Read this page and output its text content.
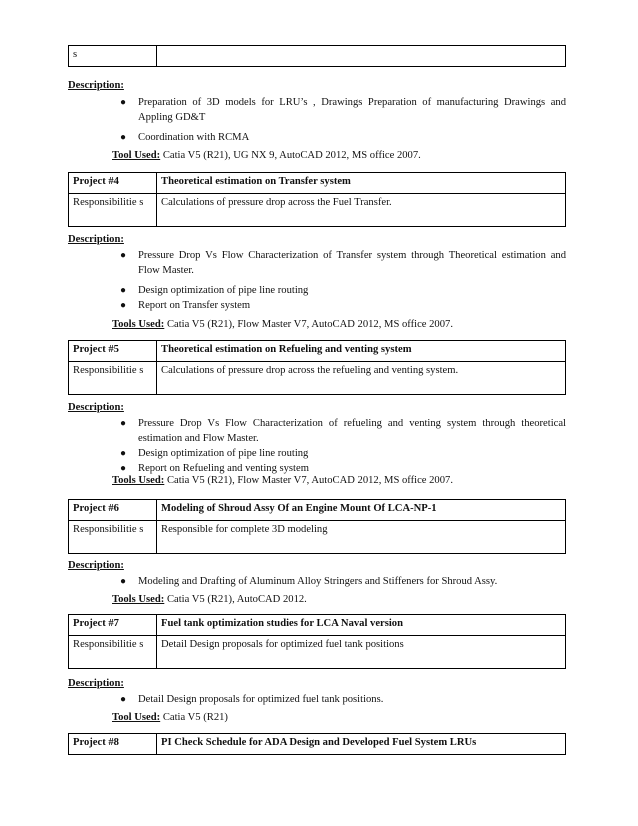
s	
Description:
● Preparation of 3D models for LRU’s , Drawings Preparation of manufacturing Drawings and Appling GD&T
● Coordination with RCMA
Tool Used: Catia V5 (R21), UG NX 9, AutoCAD 2012, MS office 2007.
Project #4	Theoretical estimation on Transfer system
Responsibilitie s	Calculations of pressure drop across the Fuel Transfer.
Description:
● Pressure Drop Vs Flow Characterization of Transfer system through Theoretical estimation and Flow Master.
● Design optimization of pipe line routing
● Report on Transfer system
Tools Used: Catia V5 (R21), Flow Master V7, AutoCAD 2012, MS office 2007.
Project #5	Theoretical estimation on Refueling and venting system
Responsibilitie s	Calculations of pressure drop across the refueling and venting system.
Description:
● Pressure Drop Vs Flow Characterization of refueling and venting system through theoretical estimation and Flow Master.
● Design optimization of pipe line routing
● Report on Refueling and venting system
Tools Used: Catia V5 (R21), Flow Master V7, AutoCAD 2012, MS office 2007.
Project #6	Modeling of Shroud Assy Of an Engine Mount Of LCA-NP-1
Responsibilitie s	Responsible for complete 3D modeling
Description:
● Modeling and Drafting of Aluminum Alloy Stringers and Stiffeners for Shroud Assy.
Tools Used: Catia V5 (R21), AutoCAD 2012.
Project #7	Fuel tank optimization studies for LCA Naval version
Responsibilitie s	Detail Design proposals for optimized fuel tank positions
Description:
● Detail Design proposals for optimized fuel tank positions.
Tool Used: Catia V5 (R21)
Project #8	PI Check Schedule for ADA Design and Developed Fuel System LRUs
